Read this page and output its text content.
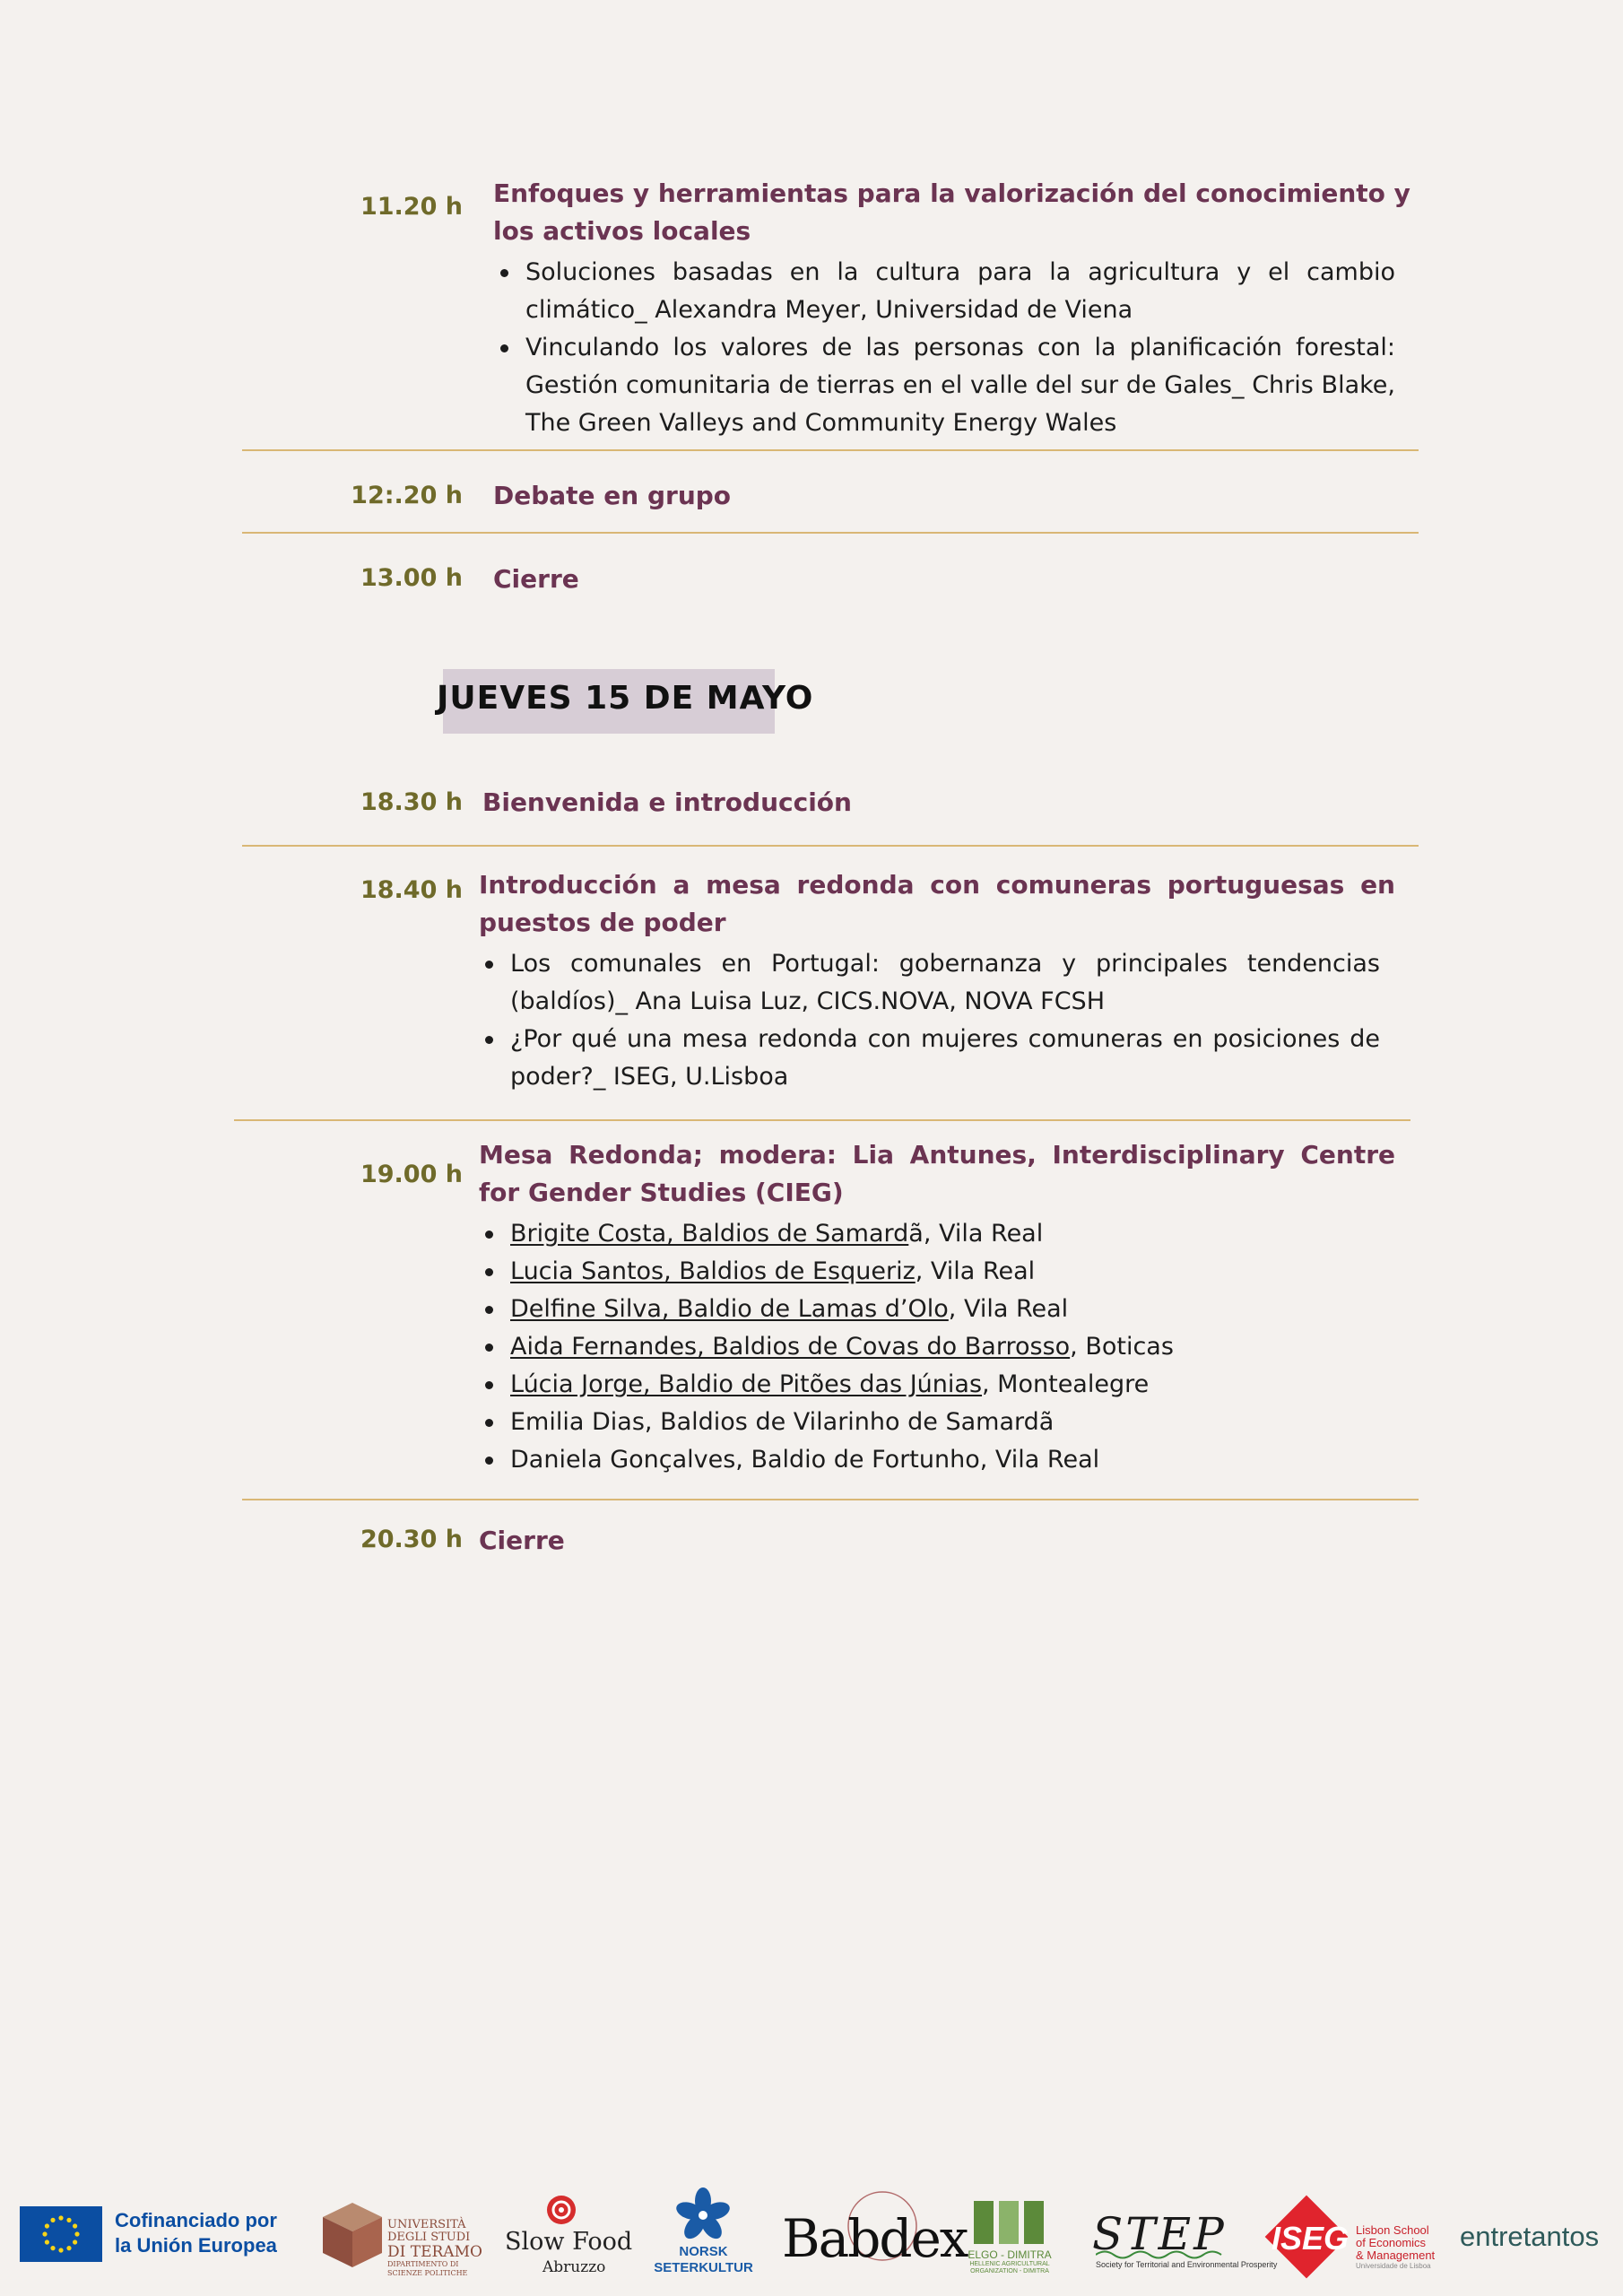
11.20 h Enfoques y herramientas para la valorización del conocimiento y los activos locales
Soluciones basadas en la cultura para la agricultura y el cambio climático_ Alexandra Meyer, Universidad de Viena
Vinculando los valores de las personas con la planificación forestal: Gestión comunitaria de tierras en el valle del sur de Gales_ Chris Blake, The Green Valleys and Community Energy Wales
12:.20 h Debate en grupo
13.00 h Cierre
JUEVES 15 DE MAYO
18.30 h Bienvenida e introducción
18.40 h Introducción a mesa redonda con comuneras portuguesas en puestos de poder
Los comunales en Portugal: gobernanza y principales tendencias (baldíos)_ Ana Luisa Luz, CICS.NOVA, NOVA FCSH
¿Por qué una mesa redonda con mujeres comuneras en posiciones de poder?_ ISEG, U.Lisboa
19.00 h
Mesa Redonda; modera: Lia Antunes, Interdisciplinary Centre for Gender Studies (CIEG)
Brigite Costa, Baldios de Samardã, Vila Real
Lucia Santos, Baldios de Esqueriz, Vila Real
Delfine Silva, Baldio de Lamas d’Olo, Vila Real
Aida Fernandes, Baldios de Covas do Barrosso, Boticas
Lúcia Jorge, Baldio de Pitões das Júnias, Montealegre
Emilia Dias, Baldios de Vilarinho de Samardã
Daniela Gonçalves, Baldio de Fortunho, Vila Real
20.30 h Cierre
Cofinanciado por
la Unión Europea
UNIVERSITÀ
DEGLI STUDI
DI TERAMO
DIPARTIMENTO DI
SCIENZE POLITICHE
Slow Food
Abruzzo
NORSK
SETERKULTUR Babdex ELGO - DIMITRA
HELLENIC AGRICULTURAL
ORGANIZATION - DIMITRA
STEP
Society for Territorial and Environmental Prosperity
ISEG Lisbon School
of Economics
& Management
Universidade de Lisboa
entretantos
